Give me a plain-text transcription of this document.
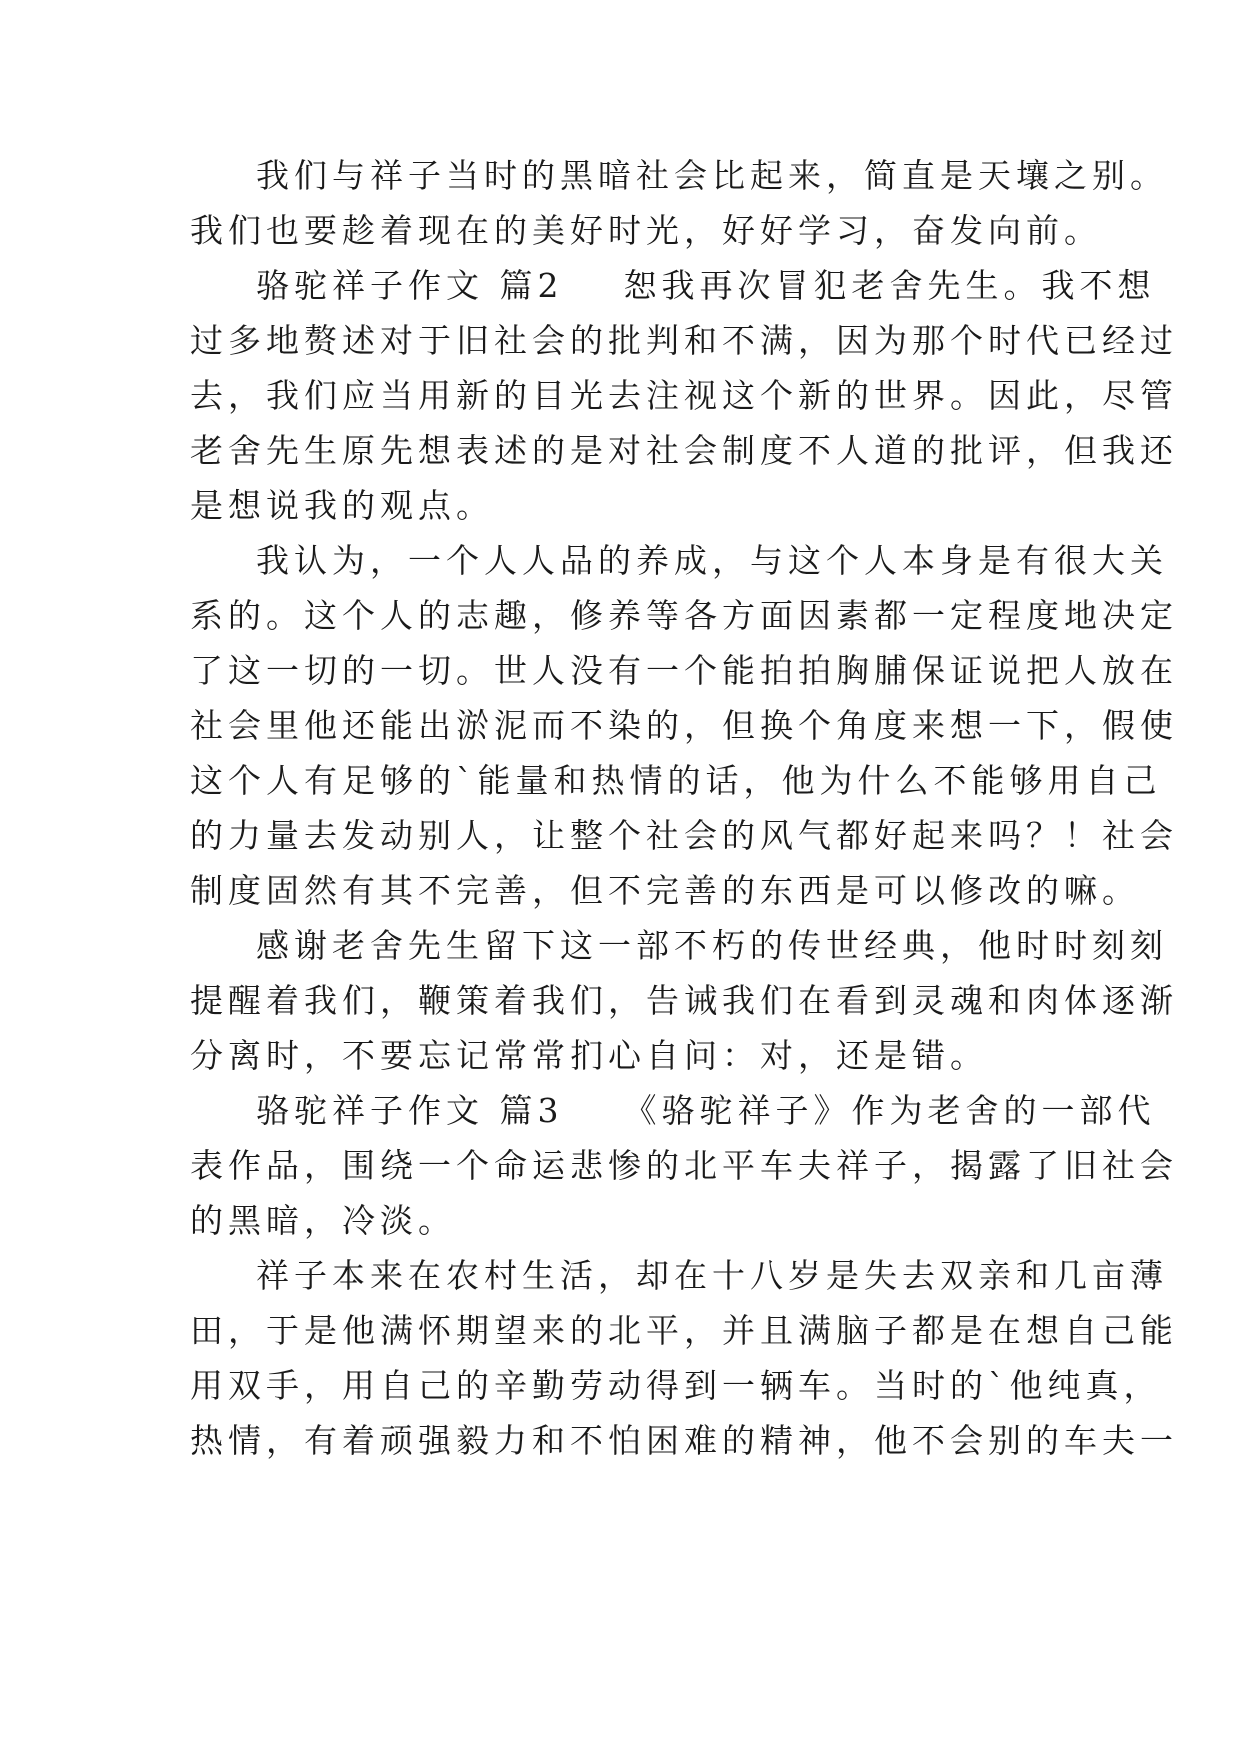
我们与祥子当时的黑暗社会比起来，简直是天壤之别。
我们也要趁着现在的美好时光，好好学习，奋发向前。
骆驼祥子作文 篇2 恕我再次冒犯老舍先生。我不想
过多地赘述对于旧社会的批判和不满，因为那个时代已经过
去，我们应当用新的目光去注视这个新的世界。因此，尽管
老舍先生原先想表述的是对社会制度不人道的批评，但我还
是想说我的观点。
我认为，一个人人品的养成，与这个人本身是有很大关
系的。这个人的志趣，修养等各方面因素都一定程度地决定
了这一切的一切。世人没有一个能拍拍胸脯保证说把人放在
社会里他还能出淤泥而不染的，但换个角度来想一下，假使
这个人有足够的`能量和热情的话，他为什么不能够用自己
的力量去发动别人，让整个社会的风气都好起来吗？！社会
制度固然有其不完善，但不完善的东西是可以修改的嘛。
感谢老舍先生留下这一部不朽的传世经典，他时时刻刻
提醒着我们，鞭策着我们，告诫我们在看到灵魂和肉体逐渐
分离时，不要忘记常常扪心自问：对，还是错。
骆驼祥子作文 篇3 《骆驼祥子》作为老舍的一部代
表作品，围绕一个命运悲惨的北平车夫祥子，揭露了旧社会
的黑暗，冷淡。
祥子本来在农村生活，却在十八岁是失去双亲和几亩薄
田，于是他满怀期望来的北平，并且满脑子都是在想自己能
用双手，用自己的辛勤劳动得到一辆车。当时的`他纯真，
热情，有着顽强毅力和不怕困难的精神，他不会别的车夫一
